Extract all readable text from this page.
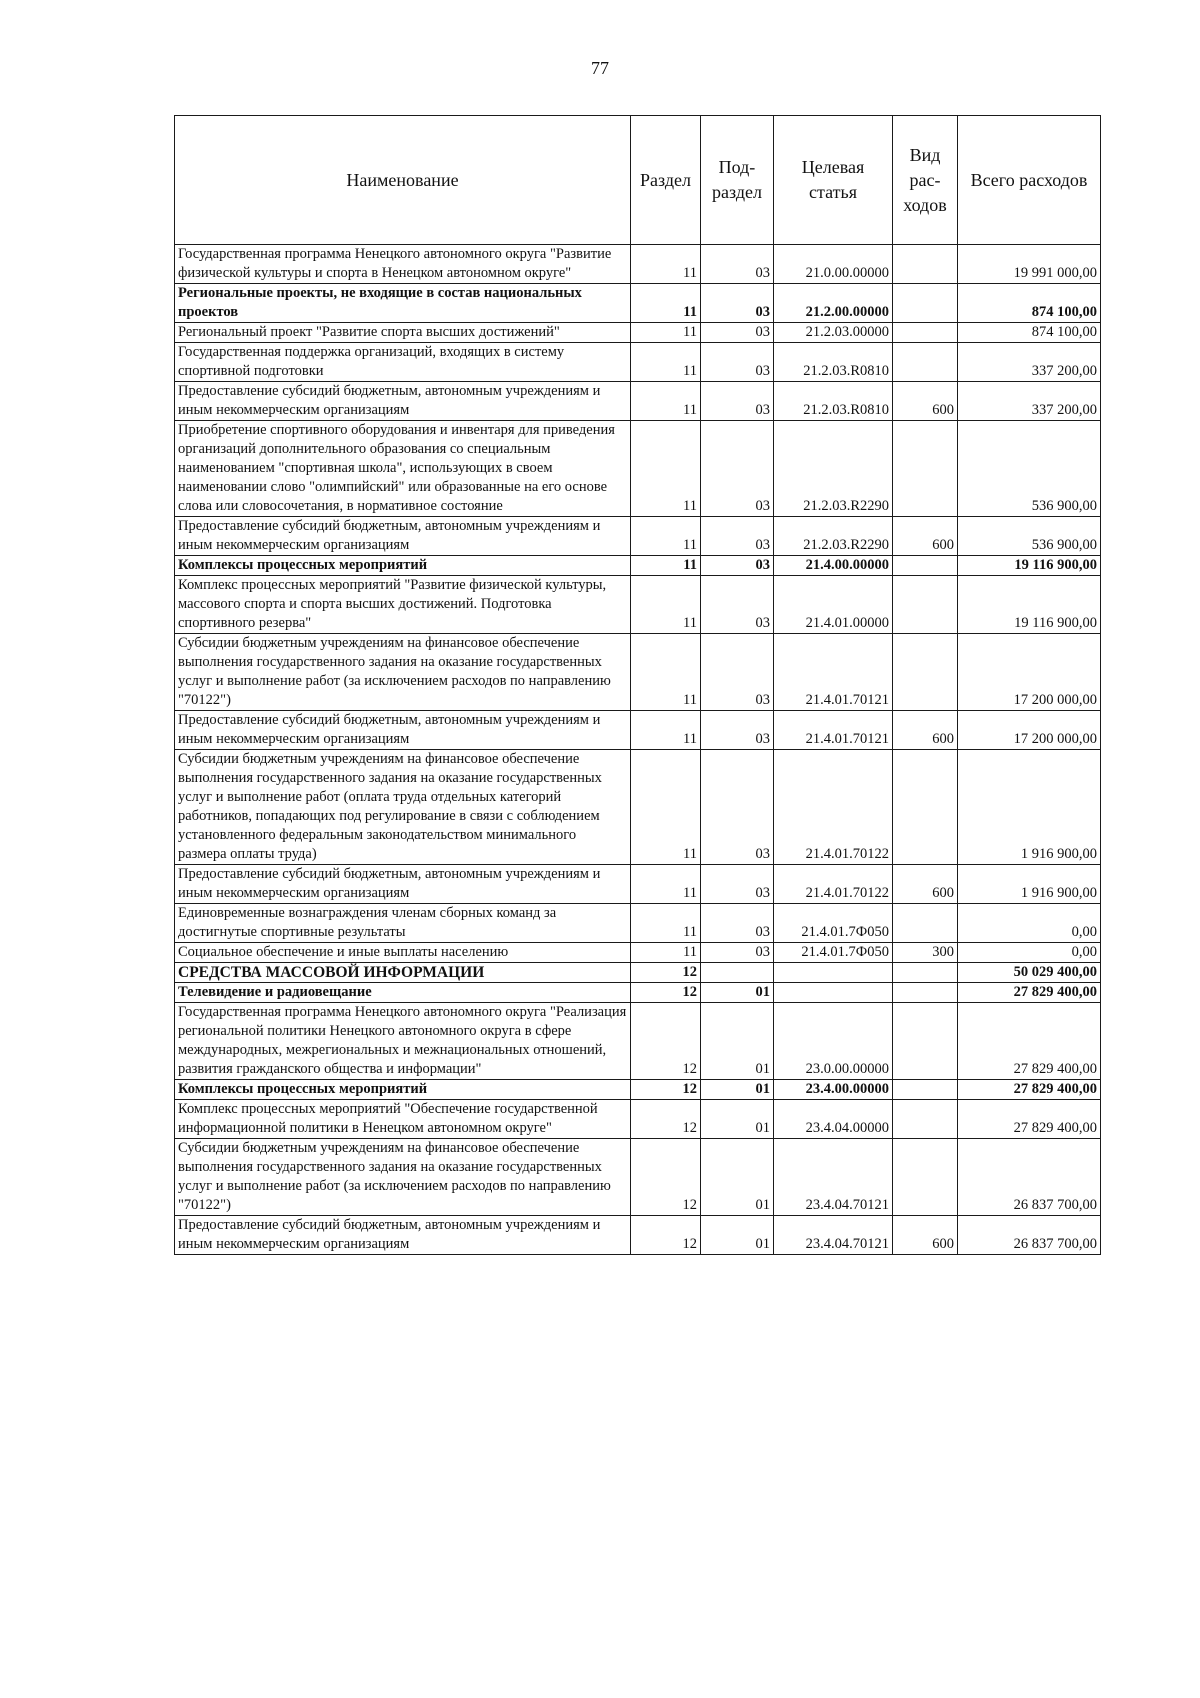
77
Наименование	Раздел	Под-раздел	Целевая статья	Вид рас-ходов	Всего расходов
Государственная программа Ненецкого автономного округа "Развитие физической культуры и спорта в Ненецком автономном округе"	11	03	21.0.00.00000		19 991 000,00
Региональные проекты, не входящие в состав национальных проектов	11	03	21.2.00.00000		874 100,00
Региональный проект "Развитие спорта высших достижений"	11	03	21.2.03.00000		874 100,00
Государственная поддержка организаций, входящих в систему спортивной подготовки	11	03	21.2.03.R0810		337 200,00
Предоставление субсидий бюджетным, автономным учреждениям и иным некоммерческим организациям	11	03	21.2.03.R0810	600	337 200,00
Приобретение спортивного оборудования и инвентаря для приведения организаций дополнительного образования со специальным наименованием "спортивная школа", использующих в своем наименовании слово "олимпийский" или образованные на его основе слова или словосочетания, в нормативное состояние	11	03	21.2.03.R2290		536 900,00
Предоставление субсидий бюджетным, автономным учреждениям и иным некоммерческим организациям	11	03	21.2.03.R2290	600	536 900,00
Комплексы процессных мероприятий	11	03	21.4.00.00000		19 116 900,00
Комплекс процессных мероприятий "Развитие физической культуры, массового спорта и спорта высших достижений. Подготовка спортивного резерва"	11	03	21.4.01.00000		19 116 900,00
Субсидии бюджетным учреждениям на финансовое обеспечение выполнения государственного задания на оказание государственных услуг и выполнение работ (за исключением расходов по направлению "70122")	11	03	21.4.01.70121		17 200 000,00
Предоставление субсидий бюджетным, автономным учреждениям и иным некоммерческим организациям	11	03	21.4.01.70121	600	17 200 000,00
Субсидии бюджетным учреждениям на финансовое обеспечение выполнения государственного задания на оказание государственных услуг и выполнение работ (оплата труда отдельных категорий работников, попадающих под регулирование в связи с соблюдением установленного федеральным законодательством минимального размера оплаты труда)	11	03	21.4.01.70122		1 916 900,00
Предоставление субсидий бюджетным, автономным учреждениям и иным некоммерческим организациям	11	03	21.4.01.70122	600	1 916 900,00
Единовременные вознаграждения членам сборных команд за достигнутые спортивные результаты	11	03	21.4.01.7Ф050		0,00
Социальное обеспечение и иные выплаты населению	11	03	21.4.01.7Ф050	300	0,00
СРЕДСТВА МАССОВОЙ ИНФОРМАЦИИ	12				50 029 400,00
Телевидение и радиовещание	12	01			27 829 400,00
Государственная программа Ненецкого автономного округа "Реализация региональной политики Ненецкого автономного округа в сфере международных, межрегиональных и межнациональных отношений, развития гражданского общества и информации"	12	01	23.0.00.00000		27 829 400,00
Комплексы процессных мероприятий	12	01	23.4.00.00000		27 829 400,00
Комплекс процессных мероприятий "Обеспечение государственной информационной политики в Ненецком автономном округе"	12	01	23.4.04.00000		27 829 400,00
Субсидии бюджетным учреждениям на финансовое обеспечение выполнения государственного задания на оказание государственных услуг и выполнение работ (за исключением расходов по направлению "70122")	12	01	23.4.04.70121		26 837 700,00
Предоставление субсидий бюджетным, автономным учреждениям и иным некоммерческим организациям	12	01	23.4.04.70121	600	26 837 700,00
